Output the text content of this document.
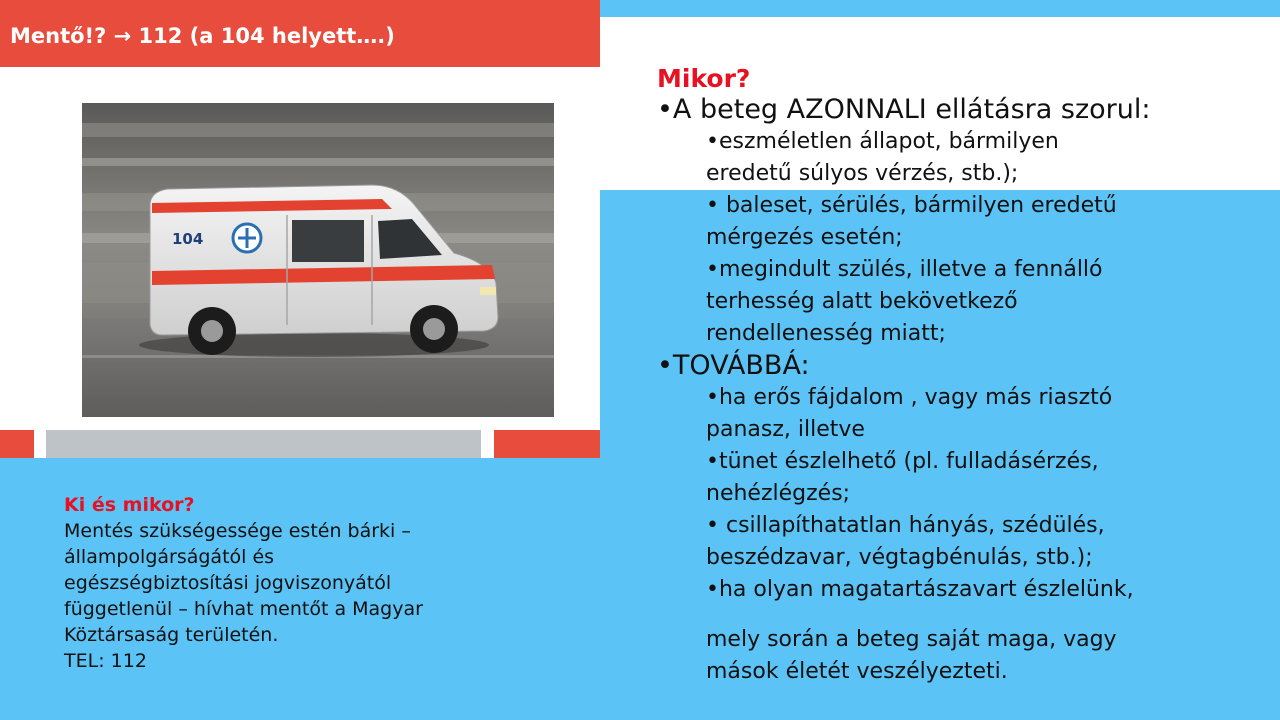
Mentő!? → 112 (a 104 helyett….)
104
Ki és mikor?
Mentés szükségessége estén bárki –
állampolgárságától és
egészségbiztosítási jogviszonyától
függetlenül – hívhat mentőt a Magyar
Köztársaság területén.
TEL: 112
Mikor?
•A beteg AZONNALI ellátásra szorul:
•eszméletlen állapot, bármilyen
eredetű súlyos vérzés, stb.);
• baleset, sérülés, bármilyen eredetű
mérgezés esetén;
•megindult szülés, illetve a fennálló
terhesség alatt bekövetkező
rendellenesség miatt;
•TOVÁBBÁ:
•ha erős fájdalom , vagy más riasztó
panasz, illetve
•tünet észlelhető (pl. fulladásérzés,
nehézlégzés;
• csillapíthatatlan hányás, szédülés,
beszédzavar, végtagbénulás, stb.);
•ha olyan magatartászavart észlelünk,
mely során a beteg saját maga, vagy
mások életét veszélyezteti.
